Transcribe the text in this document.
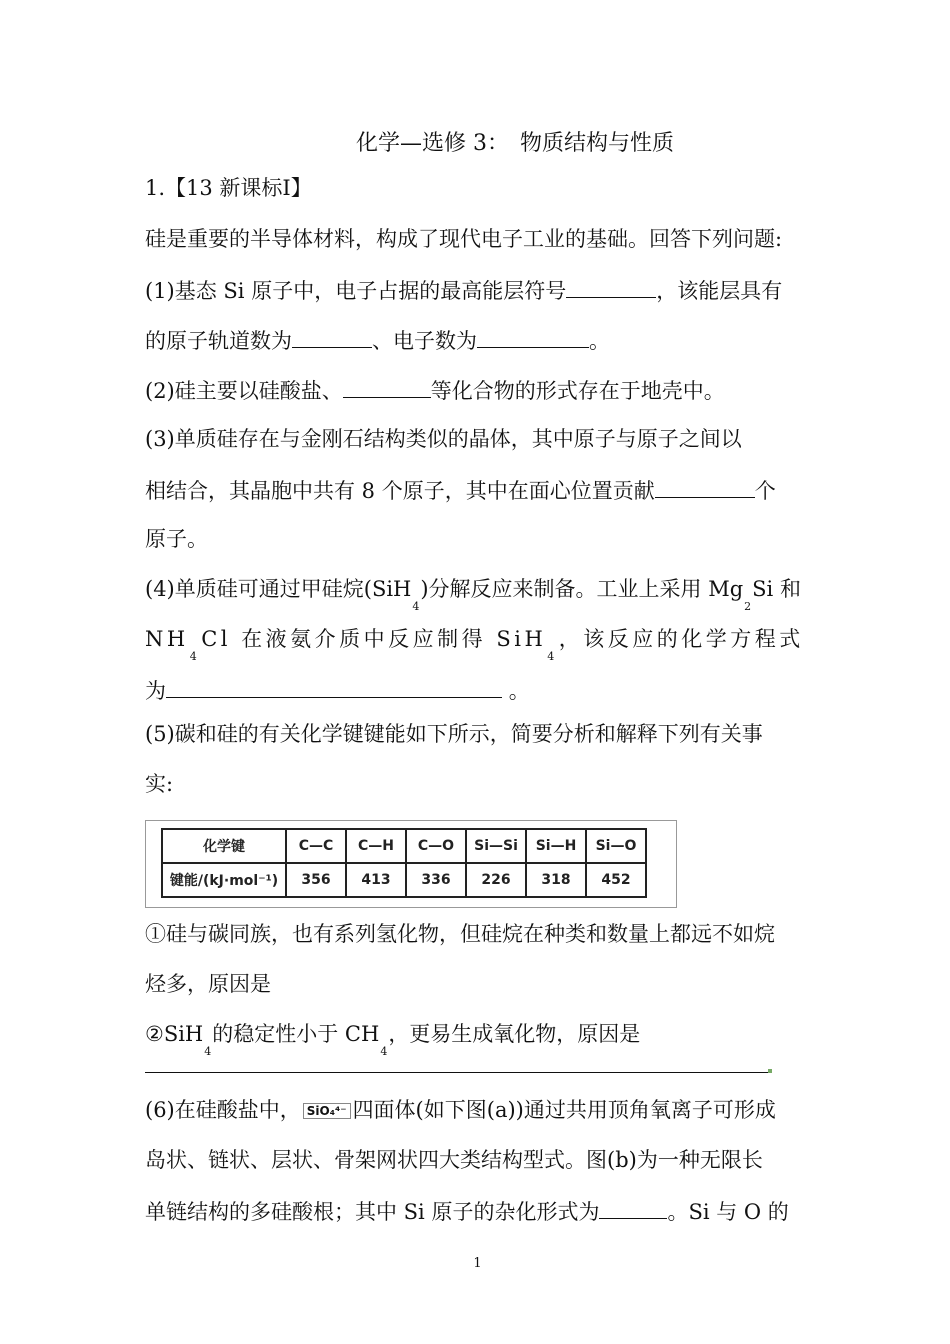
化学—选修 3：　物质结构与性质
1.【13 新课标Ⅰ】
硅是重要的半导体材料，构成了现代电子工业的基础。回答下列问题:
(1)基态 Si 原子中，电子占据的最高能层符号	，该能层具有
的原子轨道数为	、电子数为	。
(2)硅主要以硅酸盐、	等化合物的形式存在于地壳中。
(3)单质硅存在与金刚石结构类似的晶体，其中原子与原子之间以
相结合，其晶胞中共有 8 个原子，其中在面心位置贡献	个
原子。
(4)单质硅可通过甲硅烷(SiH$_4$)分解反应来制备。工业上采用 $Mg_2Si$ 和
$NH_4Cl$ 在液氨介质中反应制得 SiH$_4$，该反应的化学方程式
为	。
(5)碳和硅的有关化学键键能如下所示，简要分析和解释下列有关事
实:
化学键	C—C	C—H	C—O	Si—Si	Si—H	Si—O
键能/(kJ·mol⁻¹)	356	413	336	226	318	452
①硅与碳同族，也有系列氢化物，但硅烷在种类和数量上都远不如烷
烃多，原因是
②SiH$_4$的稳定性小于 $CH_4$，更易生成氧化物，原因是
(6)在硅酸盐中， SiO₄⁴⁻ 四面体(如下图(a))通过共用顶角氧离子可形成
岛状、链状、层状、骨架网状四大类结构型式。图(b)为一种无限长
单链结构的多硅酸根；其中 Si 原子的杂化形式为	。Si 与 O 的
1
